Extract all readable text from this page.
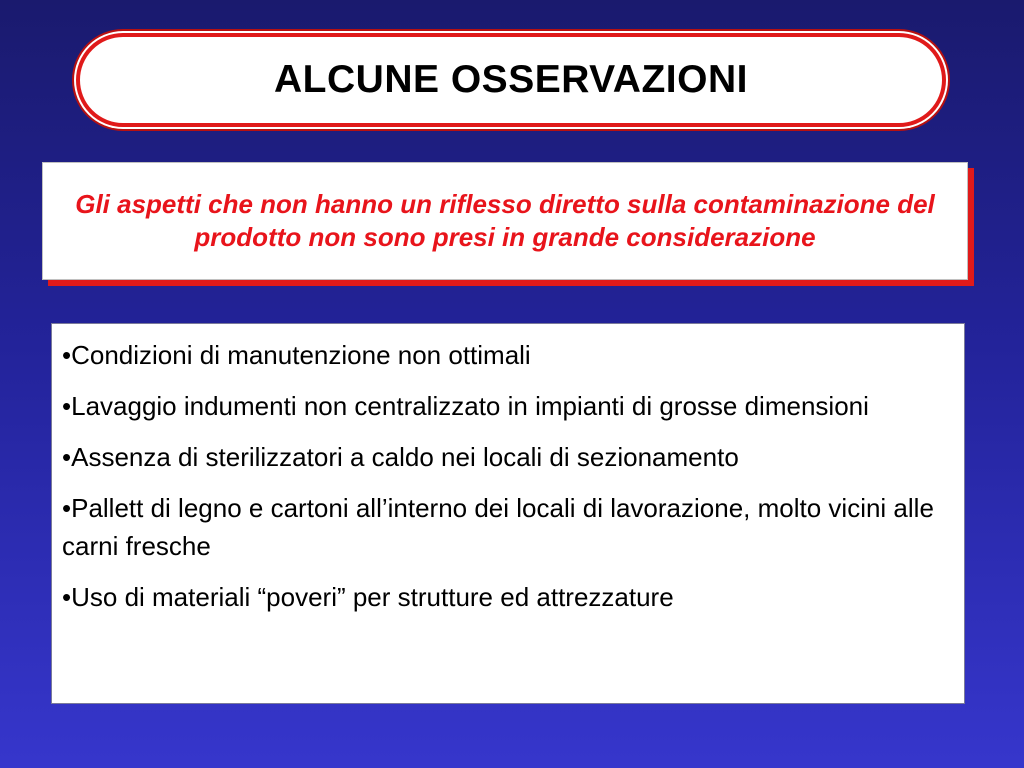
ALCUNE OSSERVAZIONI
Gli aspetti che non hanno un riflesso diretto sulla contaminazione del prodotto non sono presi in grande considerazione

•Condizioni di manutenzione non ottimali

•Lavaggio indumenti non centralizzato in impianti di grosse dimensioni

•Assenza di sterilizzatori a caldo nei locali di sezionamento

•Pallett di legno e cartoni all’interno dei locali di lavorazione, molto vicini alle carni fresche

•Uso di materiali “poveri” per strutture ed attrezzature
